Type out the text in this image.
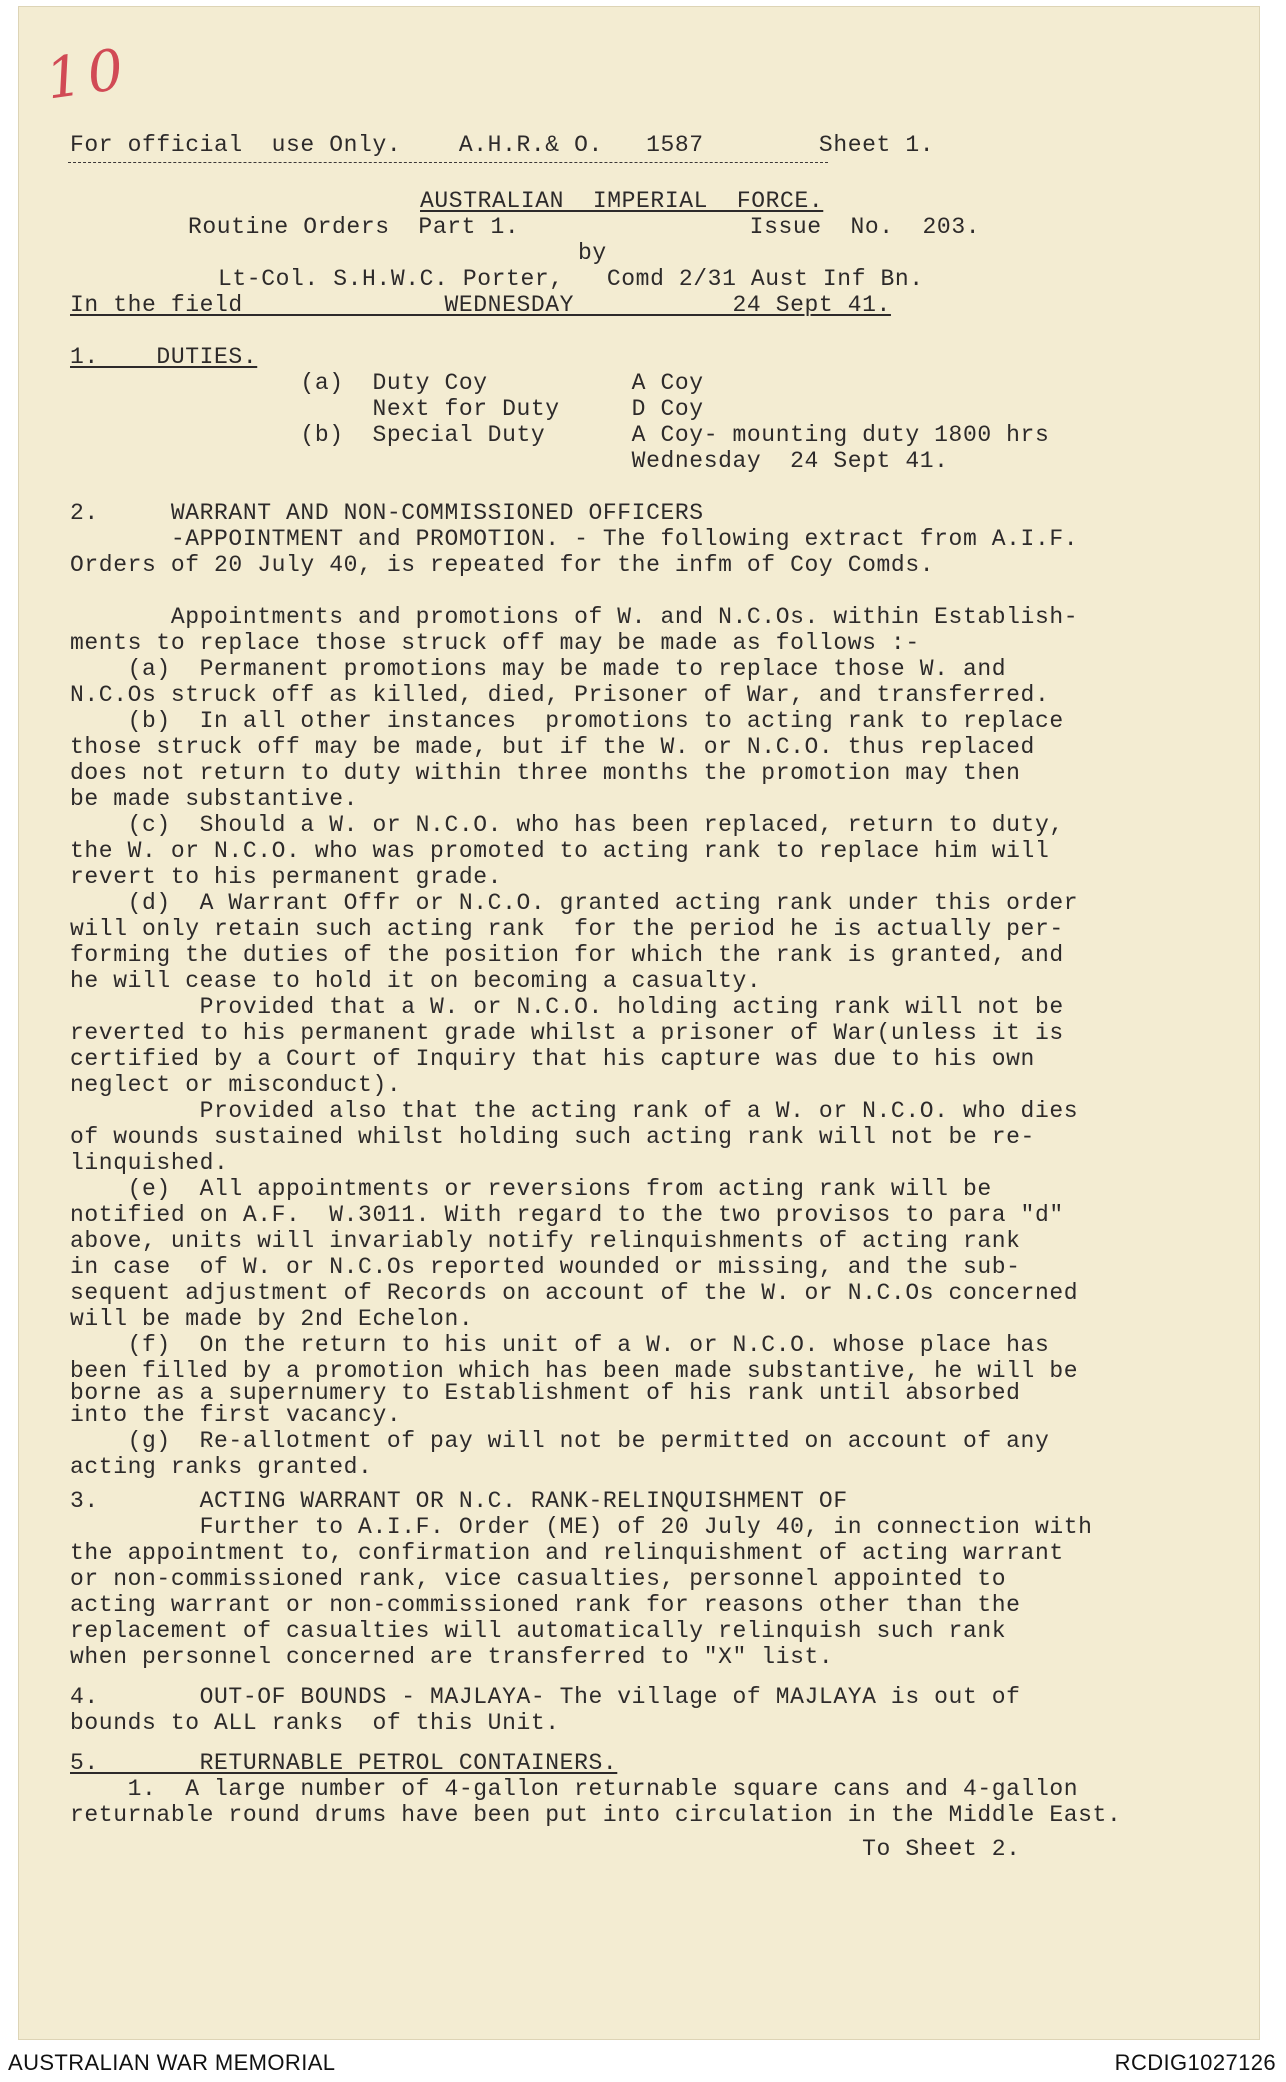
10
For official  use Only.    A.H.R.& O.   1587        Sheet 1.
AUSTRALIAN  IMPERIAL  FORCE.
Routine Orders  Part 1.                Issue  No.  203.
by
Lt-Col. S.H.W.C. Porter,   Comd 2/31 Aust Inf Bn.
In the field              WEDNESDAY           24 Sept 41.
1.    DUTIES.
(a)  Duty Coy          A Coy
Next for Duty     D Coy
(b)  Special Duty      A Coy- mounting duty 1800 hrs
Wednesday  24 Sept 41.
2.     WARRANT AND NON-COMMISSIONED OFFICERS
-APPOINTMENT and PROMOTION. - The following extract from A.I.F.
Orders of 20 July 40, is repeated for the infm of Coy Comds.
Appointments and promotions of W. and N.C.Os. within Establish-
ments to replace those struck off may be made as follows :-
(a)  Permanent promotions may be made to replace those W. and
N.C.Os struck off as killed, died, Prisoner of War, and transferred.
(b)  In all other instances  promotions to acting rank to replace
those struck off may be made, but if the W. or N.C.O. thus replaced
does not return to duty within three months the promotion may then
be made substantive.
(c)  Should a W. or N.C.O. who has been replaced, return to duty,
the W. or N.C.O. who was promoted to acting rank to replace him will
revert to his permanent grade.
(d)  A Warrant Offr or N.C.O. granted acting rank under this order
will only retain such acting rank  for the period he is actually per-
forming the duties of the position for which the rank is granted, and
he will cease to hold it on becoming a casualty.
Provided that a W. or N.C.O. holding acting rank will not be
reverted to his permanent grade whilst a prisoner of War(unless it is
certified by a Court of Inquiry that his capture was due to his own
neglect or misconduct).
Provided also that the acting rank of a W. or N.C.O. who dies
of wounds sustained whilst holding such acting rank will not be re-
linquished.
(e)  All appointments or reversions from acting rank will be
notified on A.F.  W.3011. With regard to the two provisos to para "d"
above, units will invariably notify relinquishments of acting rank
in case  of W. or N.C.Os reported wounded or missing, and the sub-
sequent adjustment of Records on account of the W. or N.C.Os concerned
will be made by 2nd Echelon.
(f)  On the return to his unit of a W. or N.C.O. whose place has
been filled by a promotion which has been made substantive, he will be
borne as a supernumery to Establishment of his rank until absorbed
into the first vacancy.
(g)  Re-allotment of pay will not be permitted on account of any
acting ranks granted.
3.       ACTING WARRANT OR N.C. RANK-RELINQUISHMENT OF
Further to A.I.F. Order (ME) of 20 July 40, in connection with
the appointment to, confirmation and relinquishment of acting warrant
or non-commissioned rank, vice casualties, personnel appointed to
acting warrant or non-commissioned rank for reasons other than the
replacement of casualties will automatically relinquish such rank
when personnel concerned are transferred to "X" list.
4.       OUT-OF BOUNDS - MAJLAYA- The village of MAJLAYA is out of
bounds to ALL ranks  of this Unit.
5.       RETURNABLE PETROL CONTAINERS.
1.  A large number of 4-gallon returnable square cans and 4-gallon
returnable round drums have been put into circulation in the Middle East.
To Sheet 2.
AUSTRALIAN WAR MEMORIAL	RCDIG1027126
